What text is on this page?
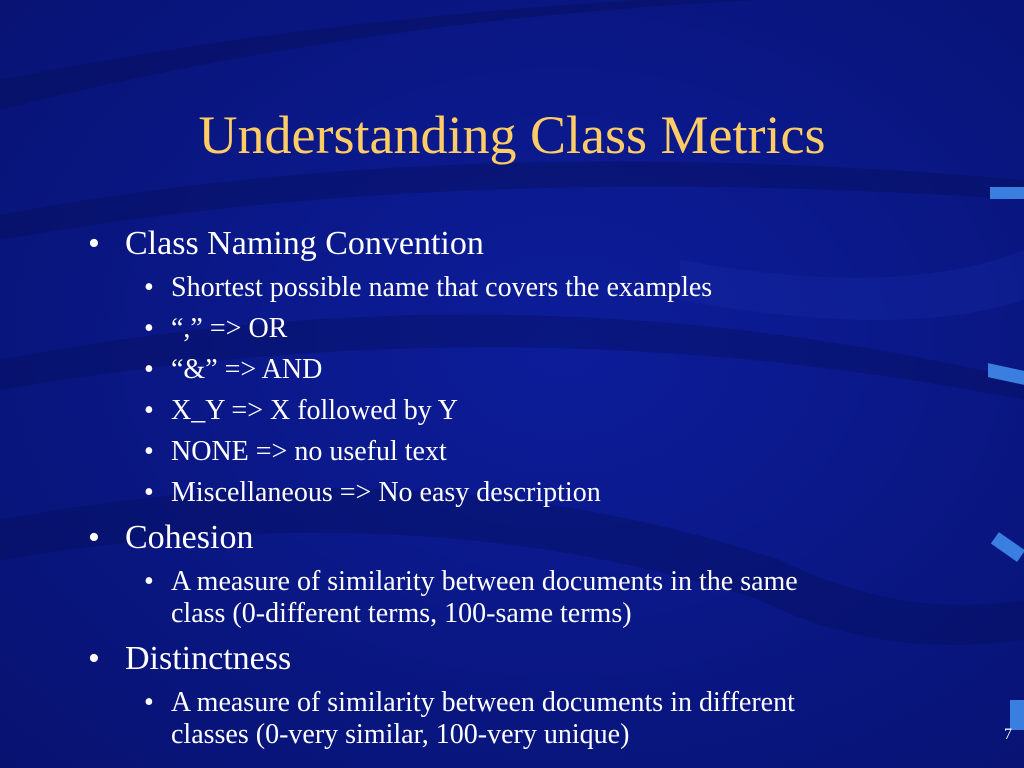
Understanding Class Metrics
• Class Naming Convention
• Shortest possible name that covers the examples
• “,” => OR
• “&” => AND
• X_Y => X followed by Y
• NONE => no useful text
• Miscellaneous => No easy description
• Cohesion
• A measure of similarity between documents in the same
class (0-different terms, 100-same terms)
• Distinctness
• A measure of similarity between documents in different
classes (0-very similar, 100-very unique)	7
